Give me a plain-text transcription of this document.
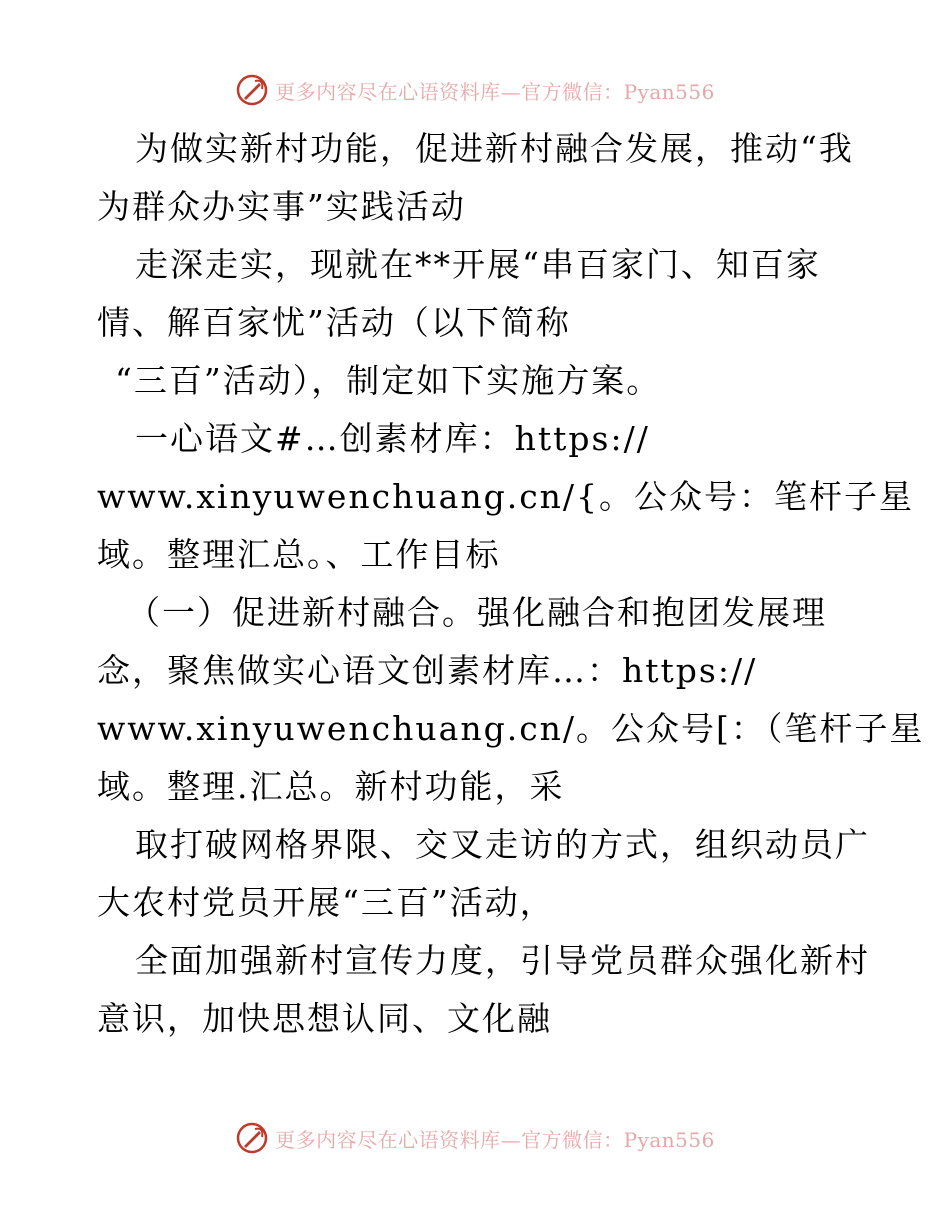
更多内容尽在心语资料库—官方微信：Pyan556
为做实新村功能，促进新村融合发展，推动“我
为群众办实事”实践活动
走深走实，现就在**开展“串百家门、知百家
情、解百家忧”活动（以下简称
“三百”活动），制定如下实施方案。
一心语文#…创素材库：https://
www.xinyuwenchuang.cn/{。公众号：笔杆子星
域。整理汇总。、工作目标
（一）促进新村融合。强化融合和抱团发展理
念，聚焦做实心语文创素材库…：https://
www.xinyuwenchuang.cn/。公众号[：（笔杆子星
域。整理.汇总。新村功能，采
取打破网格界限、交叉走访的方式，组织动员广
大农村党员开展“三百”活动，
全面加强新村宣传力度，引导党员群众强化新村
意识，加快思想认同、文化融
更多内容尽在心语资料库—官方微信：Pyan556
